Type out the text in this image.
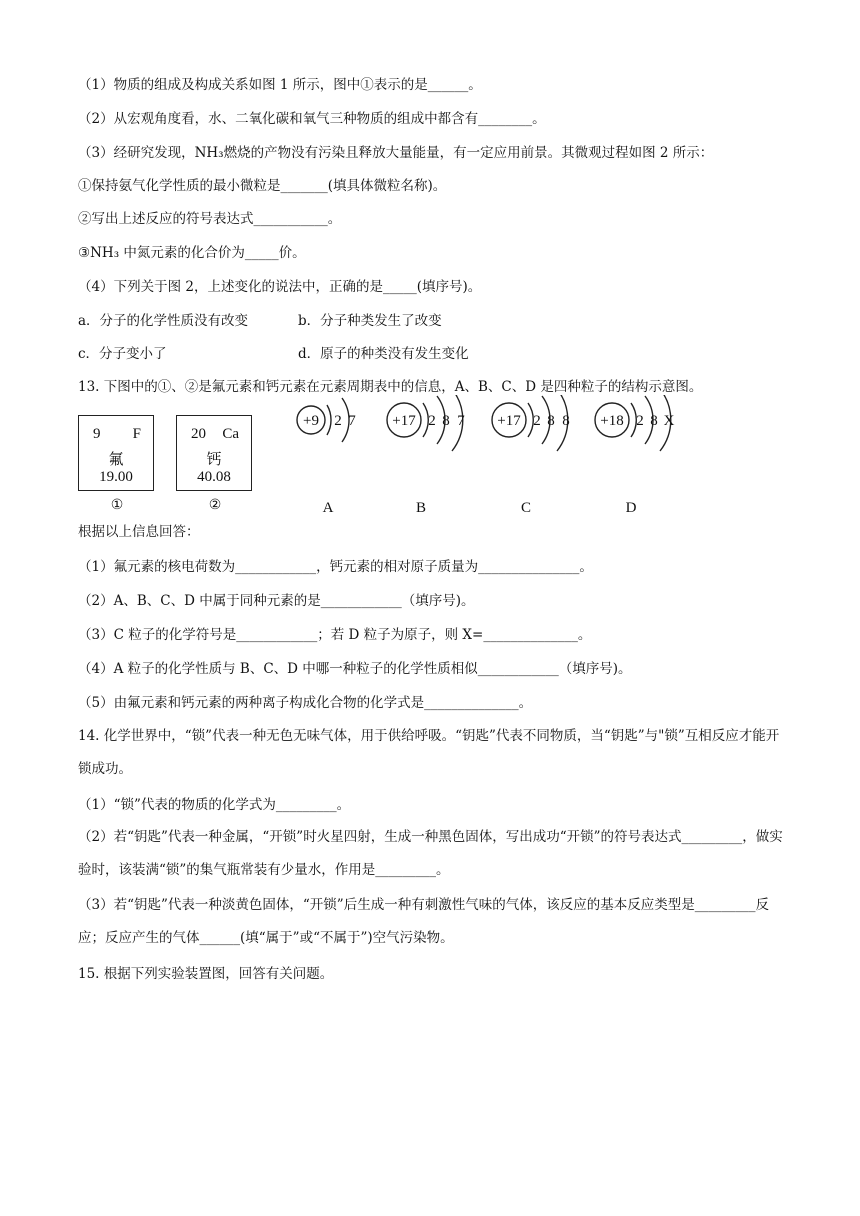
（1）物质的组成及构成关系如图 1 所示，图中①表示的是______。
（2）从宏观角度看，水、二氧化碳和氧气三种物质的组成中都含有________。
（3）经研究发现，NH₃燃烧的产物没有污染且释放大量能量，有一定应用前景。其微观过程如图 2 所示：
①保持氨气化学性质的最小微粒是_______(填具体微粒名称)。
②写出上述反应的符号表达式___________。
③NH₃ 中氮元素的化合价为_____价。
（4）下列关于图 2，上述变化的说法中，正确的是_____(填序号)。
a．分子的化学性质没有改变	b．分子种类发生了改变
c．分子变小了	d．原子的种类没有发生变化
13. 下图中的①、②是氟元素和钙元素在元素周期表中的信息，A、B、C、D 是四种粒子的结构示意图。
9 F
氟
19.00
20 Ca
钙
40.08
①	②
+9 2 7
A
+17 2 8 7
B
+17 2 8 8
C
+18 2 8 X
D
根据以上信息回答：
（1）氟元素的核电荷数为____________，钙元素的相对原子质量为_______________。
（2）A、B、C、D 中属于同种元素的是____________（填序号)。
（3）C 粒子的化学符号是____________；若 D 粒子为原子，则 X=______________。
（4）A 粒子的化学性质与 B、C、D 中哪一种粒子的化学性质相似____________（填序号)。
（5）由氟元素和钙元素的两种离子构成化合物的化学式是______________。
14. 化学世界中，“锁”代表一种无色无味气体，用于供给呼吸。“钥匙”代表不同物质，当“钥匙”与"锁”互相反应才能开锁成功。
（1）“锁”代表的物质的化学式为_________。
（2）若“钥匙”代表一种金属，“开锁”时火星四射，生成一种黑色固体，写出成功“开锁”的符号表达式_________，做实验时，该装满“锁”的集气瓶常装有少量水，作用是_________。
（3）若“钥匙”代表一种淡黄色固体，“开锁”后生成一种有刺激性气味的气体，该反应的基本反应类型是_________反应；反应产生的气体______(填“属于”或“不属于”)空气污染物。
15. 根据下列实验装置图，回答有关问题。
